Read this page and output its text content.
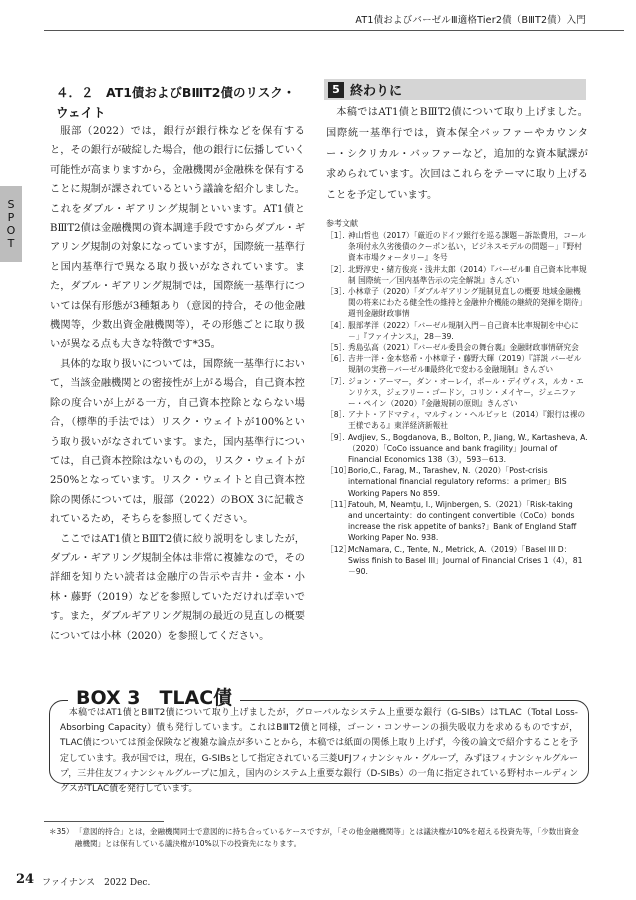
AT1債およびバーゼルⅢ適格Tier2債（BⅢT2債）入門
S
P
O
T
４．２　AT1債およびBⅢT2債のリスク・ウェイト

服部（2022）では，銀行が銀行株などを保有すると，その銀行が破綻した場合，他の銀行に伝播していく可能性が高まりますから，金融機関が金融株を保有することに規制が課されているという議論を紹介しました。これをダブル・ギアリング規制といいます。AT1債とBⅢT2債は金融機関の資本調達手段ですからダブル・ギアリング規制の対象になっていますが，国際統一基準行と国内基準行で異なる取り扱いがなされています。また，ダブル・ギアリング規制では，国際統一基準行については保有形態が3種類あり（意図的持合，その他金融機関等，少数出資金融機関等），その形態ごとに取り扱いが異なる点も大きな特徴です*35。

具体的な取り扱いについては，国際統一基準行において，当該金融機関との密接性が上がる場合，自己資本控除の度合いが上がる一方，自己資本控除とならない場合，（標準的手法では）リスク・ウェイトが100%という取り扱いがなされています。また，国内基準行については，自己資本控除はないものの，リスク・ウェイトが250%となっています。リスク・ウェイトと自己資本控除の関係については，服部（2022）のBOX 3に記載されているため，そちらを参照してください。

ここではAT1債とBⅢT2債に絞り説明をしましたが，ダブル・ギアリング規制全体は非常に複雑なので，その詳細を知りたい読者は金融庁の告示や吉井・金本・小林・藤野（2019）などを参照していただければ幸いです。また，ダブルギアリング規制の最近の見直しの概要については小林（2020）を参照してください。

5 終わりに

本稿ではAT1債とBⅢT2債について取り上げました。国際統一基準行では，資本保全バッファーやカウンター・シクリカル・バッファーなど，追加的な資本賦課が求められています。次回はこれらをテーマに取り上げることを予定しています。

参考文献
［1］．
神山哲也（2017）「厳近のドイツ銀行を巡る課題－訴訟費用，コール条項付永久劣後債のクーポン払い，ビジネスモデルの問題－」『野村資本市場クォータリー』冬号
［2］．
北野淳史・緒方俊亮・浅井太郎（2014）『バーゼルⅢ 自己資本比率規制 国際統一／国内基準告示の完全解説』きんざい
［3］．
小林章子（2020）「ダブルギアリング規制見直しの概要 地域金融機関の将来にわたる健全性の維持と金融仲介機能の継続的発揮を期待」週刊金融財政事情
［4］．
服部孝洋（2022）「バーゼル規制入門－自己資本比率規制を中心に－」『ファイナンス』，28－39.
［5］．
秀島弘高（2021）『バーゼル委員会の舞台裏』金融財政事情研究会
［6］．
吉井一洋・金本悠希・小林章子・藤野大輝（2019）『詳説 バーゼル規制の実務－バーゼルⅢ最終化で変わる金融規制』きんざい
［7］．
ジョン・アーマー，ダン・オーレイ，ポール・デイヴィス，ルカ・エンリケス，ジェフリー・ゴードン，コリン・メイヤー，ジェニファー・ペイン（2020）『金融規制の原則』きんざい
［8］．
アナト・アドマティ，マルティン・ヘルビッヒ（2014）『銀行は裸の王様である』東洋経済新報社
［9］．
Avdjiev, S., Bogdanova, B., Bolton, P., Jiang, W., Kartasheva, A.（2020）「CoCo issuance and bank fragility」Journal of Financial Economics 138（3），593－613.
［10］．
Borio,C., Farag, M., Tarashev, N.（2020）「Post-crisis international financial regulatory reforms：a primer」BIS Working Papers No 859.
［11］．
Fatouh, M, Neamțu, I., Wijnbergen, S.（2021）「Risk-taking and uncertainty：do contingent convertible（CoCo）bonds increase the risk appetite of banks?」Bank of England Staff Working Paper No. 938.
［12］．
McNamara, C., Tente, N., Metrick, A.（2019）「Basel III D：Swiss finish to Basel III」Journal of Financial Crises 1（4），81－90.
BOX 3　TLAC債

本稿ではAT1債とBⅢT2債について取り上げましたが，グローバルなシステム上重要な銀行（G-SIBs）はTLAC（Total Loss-Absorbing Capacity）債も発行しています。これはBⅢT2債と同様，ゴーン・コンサーンの損失吸収力を求めるものですが，TLAC債については預金保険など複雑な論点が多いことから，本稿では紙面の関係上取り上げず，今後の論文で紹介することを予定しています。我が国では，現在，G-SIBsとして指定されている三菱UFJフィナンシャル・グループ，みずほフィナンシャルグループ，三井住友フィナンシャルグループに加え，国内のシステム上重要な銀行（D-SIBs）の一角に指定されている野村ホールディングスがTLAC債を発行しています。

＊35） 「意図的持合」とは，金融機関同士で意図的に持ち合っているケースですが，「その他金融機関等」とは議決権が10%を超える投資先等，「少数出資金融機関」とは保有している議決権が10%以下の投資先になります。
24 ファイナンス　2022 Dec.
